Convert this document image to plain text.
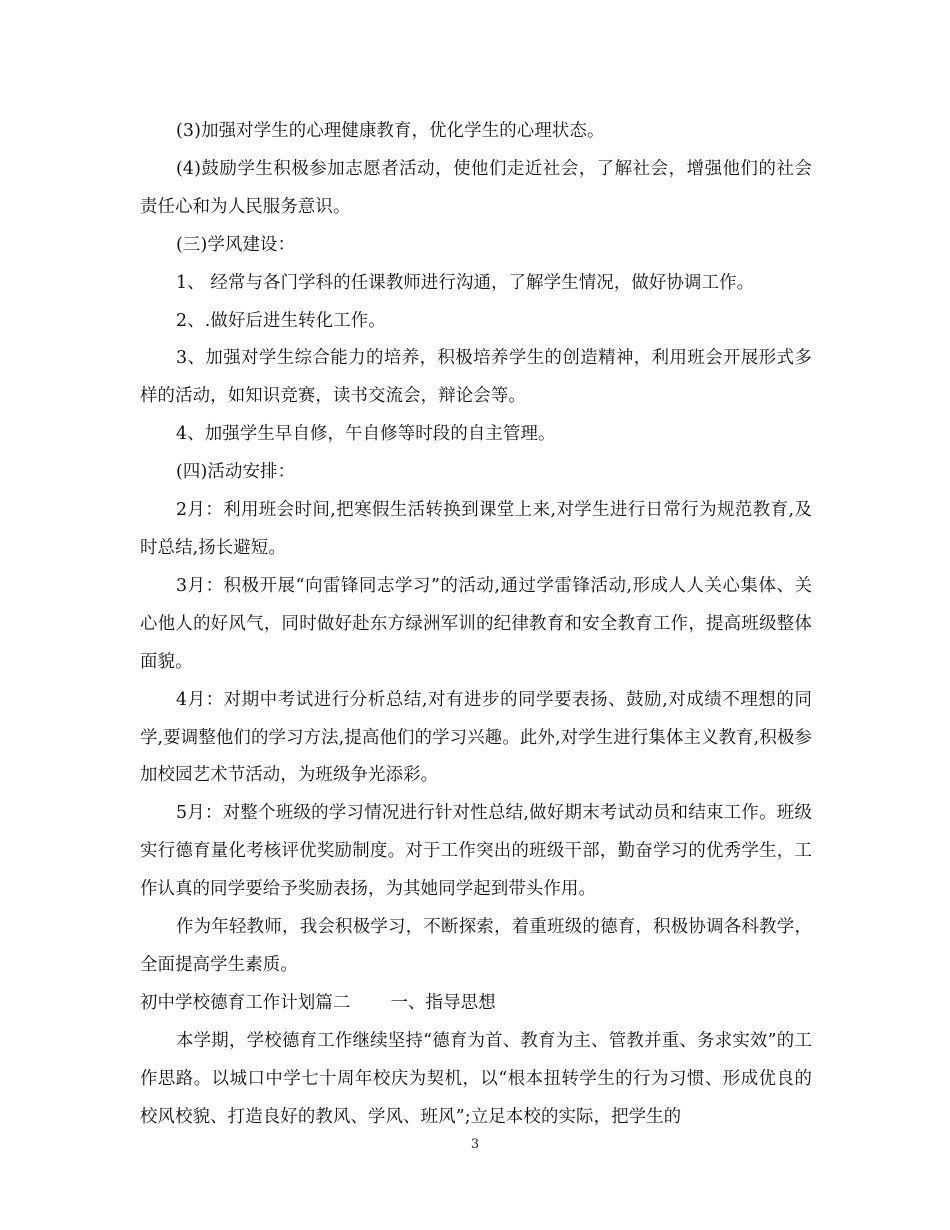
(3)加强对学生的心理健康教育，优化学生的心理状态。

(4)鼓励学生积极参加志愿者活动，使他们走近社会，了解社会，增强他们的社会责任心和为人民服务意识。

(三)学风建设：

1、 经常与各门学科的任课教师进行沟通，了解学生情况，做好协调工作。

2、.做好后进生转化工作。

3、加强对学生综合能力的培养，积极培养学生的创造精神，利用班会开展形式多样的活动，如知识竞赛，读书交流会，辩论会等。

4、加强学生早自修，午自修等时段的自主管理。

(四)活动安排：

2月：利用班会时间,把寒假生活转换到课堂上来,对学生进行日常行为规范教育,及时总结,扬长避短。

3月：积极开展“向雷锋同志学习”的活动,通过学雷锋活动,形成人人关心集体、关心他人的好风气，同时做好赴东方绿洲军训的纪律教育和安全教育工作，提高班级整体面貌。

4月：对期中考试进行分析总结,对有进步的同学要表扬、鼓励,对成绩不理想的同学,要调整他们的学习方法,提高他们的学习兴趣。此外,对学生进行集体主义教育,积极参加校园艺术节活动，为班级争光添彩。

5月：对整个班级的学习情况进行针对性总结,做好期末考试动员和结束工作。班级实行德育量化考核评优奖励制度。对于工作突出的班级干部，勤奋学习的优秀学生，工作认真的同学要给予奖励表扬，为其她同学起到带头作用。

作为年轻教师，我会积极学习，不断探索，着重班级的德育，积极协调各科教学，全面提高学生素质。

初中学校德育工作计划篇二 一、指导思想

本学期，学校德育工作继续坚持“德育为首、教育为主、管教并重、务求实效”的工作思路。以城口中学七十周年校庆为契机，以“根本扭转学生的行为习惯、形成优良的校风校貌、打造良好的教风、学风、班风”;立足本校的实际，把学生的

3
